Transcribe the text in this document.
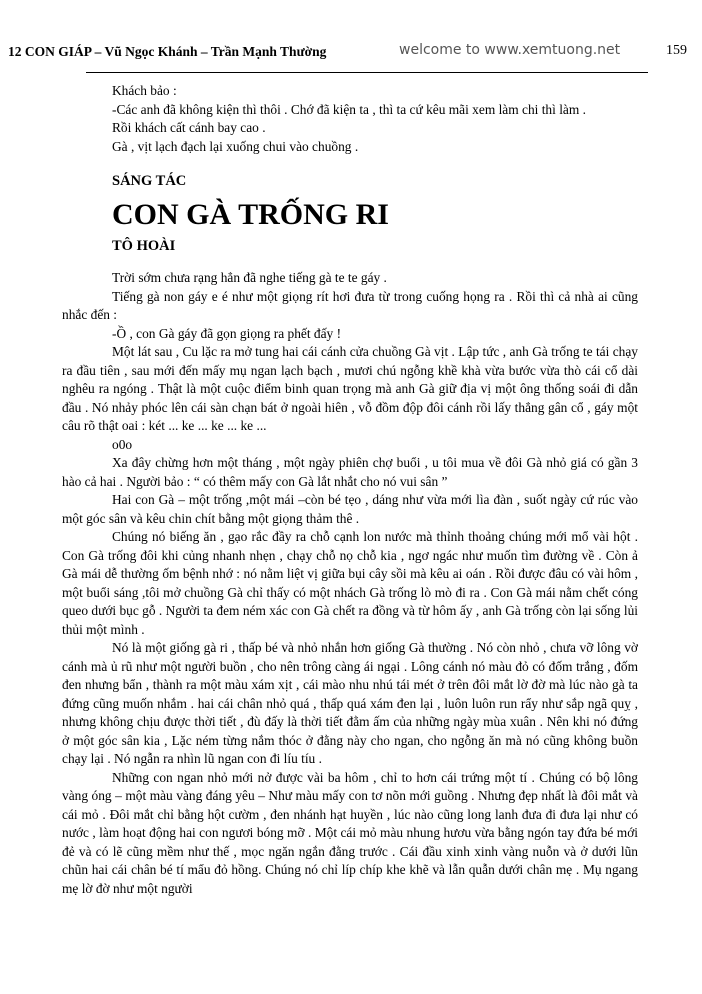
12 CON GIÁP – Vũ Ngọc Khánh – Trần Mạnh Thường	welcome to www.xemtuong.net	159

Khách bảo :

-Các anh đã không kiện thì thôi . Chớ đã kiện ta , thì ta cứ kêu mãi xem làm chi thì làm .

Rồi khách cất cánh bay cao .

Gà , vịt lạch đạch lại xuống chui vào chuồng .

SÁNG TÁC

CON GÀ TRỐNG RI

TÔ HOÀI

Trời sớm chưa rạng hẳn đã nghe tiếng gà te te gáy .

Tiếng gà non gáy e é như một giọng rít hơi đưa từ trong cuống họng ra . Rồi thì cả nhà ai cũng nhắc đến :

-Ồ , con Gà gáy đã gọn giọng ra phết đấy !

Một lát sau , Cu lặc ra mở tung hai cái cánh cửa chuồng Gà vịt . Lập tức , anh Gà trống te tái chạy ra đầu tiên , sau mới đến mấy mụ ngan lạch bạch , mươi chú ngỗng khề khà vừa bước vừa thò cái cổ dài nghêu ra ngóng . Thật là một cuộc điểm binh quan trọng mà anh Gà giữ địa vị một ông thống soái đi dẫn đầu . Nó nhảy phóc lên cái sàn chạn bát ở ngoài hiên , vỗ đồm độp đôi cánh rồi lấy thẳng gân cổ , gáy một câu rõ thật oai : két ... ke ... ke ... ke ...

o0o

Xa đây chừng hơn một tháng , một ngày phiên chợ buổi , u tôi mua về đôi Gà nhỏ giá có gần 3 hào cả hai . Người bảo : “ có thêm mấy con Gà lắt nhắt cho nó vui sân ”

Hai con Gà – một trống ,một mái –còn bé tẹo , dáng như vừa mới lìa đàn , suốt ngày cứ rúc vào một góc sân và kêu chin chít bằng một giọng thảm thê .

Chúng nó biếng ăn , gạo rắc đầy ra chỗ cạnh lon nước mà thỉnh thoảng chúng mới mổ vài hột . Con Gà trống đôi khi củng nhanh nhẹn , chạy chỗ nọ chỗ kia , ngơ ngác như muốn tìm đường về . Còn ả Gà mái dễ thường ốm bệnh nhớ : nó nằm liệt vị giữa bụi cây sồi mà kêu ai oán . Rồi được đâu có vài hôm , một buổi sáng ,tôi mở chuồng Gà chỉ thấy có một nhách Gà trống lò mò đi ra . Con Gà mái nằm chết cóng queo dưới bục gỗ . Người ta đem ném xác con Gà chết ra đồng và từ hôm ấy , anh Gà trống còn lại sống lủi thủi một mình .

Nó là một giống gà ri , thấp bé và nhỏ nhắn hơn giống Gà thường . Nó còn nhỏ , chưa vỡ lông vờ cánh mà ủ rũ như một người buồn , cho nên trông càng ái ngại . Lông cánh nó màu đỏ có đốm trắng , đốm đen nhưng bẩn , thành ra một màu xám xịt , cái mào nhu nhú tái mét ở trên đôi mắt lờ đờ mà lúc nào gà ta đứng cũng muốn nhắm . hai cái chân nhỏ quá , thấp quá xám đen lại , luôn luôn run rẩy như sắp ngã quỵ , nhưng không chịu được thời tiết , đù đấy là thời tiết đằm ấm của những ngày mùa xuân . Nên khi nó đứng ở một góc sân kia , Lặc ném từng nắm thóc ở đằng này cho ngan, cho ngỗng ăn mà nó cũng không buồn chạy lại . Nó ngẫn ra nhìn lũ ngan con đi líu tíu .

Những con ngan nhỏ mới nở được vài ba hôm , chỉ to hơn cái trứng một tí . Chúng có bộ lông vàng óng – một màu vàng đáng yêu – Như màu mấy con tơ nõn mới guồng . Nhưng đẹp nhất là đôi mắt và cái mỏ . Đôi mắt chỉ bằng hột cườm , đen nhánh hạt huyền , lúc nào cũng long lanh đưa đi đưa lại như có nước , làm hoạt động hai con ngươi bóng mỡ . Một cái mỏ màu nhung hươu vừa bằng ngón tay đứa bé mới đẻ và có lẽ cũng mềm như thế , mọc ngăn ngắn đằng trước . Cái đầu xinh xinh vàng nuỗn và ở dưới lũn chũn hai cái chân bé tí mẩu đỏ hồng. Chúng nó chỉ líp chíp khe khẽ và lẫn quẫn dưới chân mẹ . Mụ ngang mẹ lờ đờ như một người
